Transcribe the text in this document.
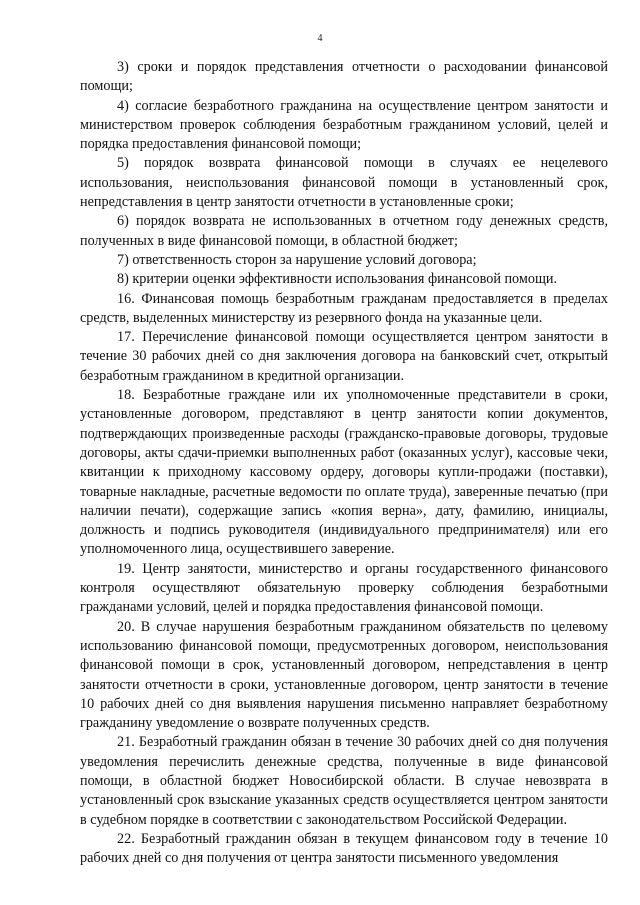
4

3) сроки и порядок представления отчетности о расходовании финансовой помощи;

4) согласие безработного гражданина на осуществление центром занятости и министерством проверок соблюдения безработным гражданином условий, целей и порядка предоставления финансовой помощи;

5) порядок возврата финансовой помощи в случаях ее нецелевого использования, неиспользования финансовой помощи в установленный срок, непредставления в центр занятости отчетности в установленные сроки;

6) порядок возврата не использованных в отчетном году денежных средств, полученных в виде финансовой помощи, в областной бюджет;

7) ответственность сторон за нарушение условий договора;

8) критерии оценки эффективности использования финансовой помощи.

16. Финансовая помощь безработным гражданам предоставляется в пределах средств, выделенных министерству из резервного фонда на указанные цели.

17. Перечисление финансовой помощи осуществляется центром занятости в течение 30 рабочих дней со дня заключения договора на банковский счет, открытый безработным гражданином в кредитной организации.

18. Безработные граждане или их уполномоченные представители в сроки, установленные договором, представляют в центр занятости копии документов, подтверждающих произведенные расходы (гражданско-правовые договоры, трудовые договоры, акты сдачи-приемки выполненных работ (оказанных услуг), кассовые чеки, квитанции к приходному кассовому ордеру, договоры купли-продажи (поставки), товарные накладные, расчетные ведомости по оплате труда), заверенные печатью (при наличии печати), содержащие запись «копия верна», дату, фамилию, инициалы, должность и подпись руководителя (индивидуального предпринимателя) или его уполномоченного лица, осуществившего заверение.

19. Центр занятости, министерство и органы государственного финансового контроля осуществляют обязательную проверку соблюдения безработными гражданами условий, целей и порядка предоставления финансовой помощи.

20. В случае нарушения безработным гражданином обязательств по целевому использованию финансовой помощи, предусмотренных договором, неиспользования финансовой помощи в срок, установленный договором, непредставления в центр занятости отчетности в сроки, установленные договором, центр занятости в течение 10 рабочих дней со дня выявления нарушения письменно направляет безработному гражданину уведомление о возврате полученных средств.

21. Безработный гражданин обязан в течение 30 рабочих дней со дня получения уведомления перечислить денежные средства, полученные в виде финансовой помощи, в областной бюджет Новосибирской области. В случае невозврата в установленный срок взыскание указанных средств осуществляется центром занятости в судебном порядке в соответствии с законодательством Российской Федерации.

22. Безработный гражданин обязан в текущем финансовом году в течение 10 рабочих дней со дня получения от центра занятости письменного уведомления
